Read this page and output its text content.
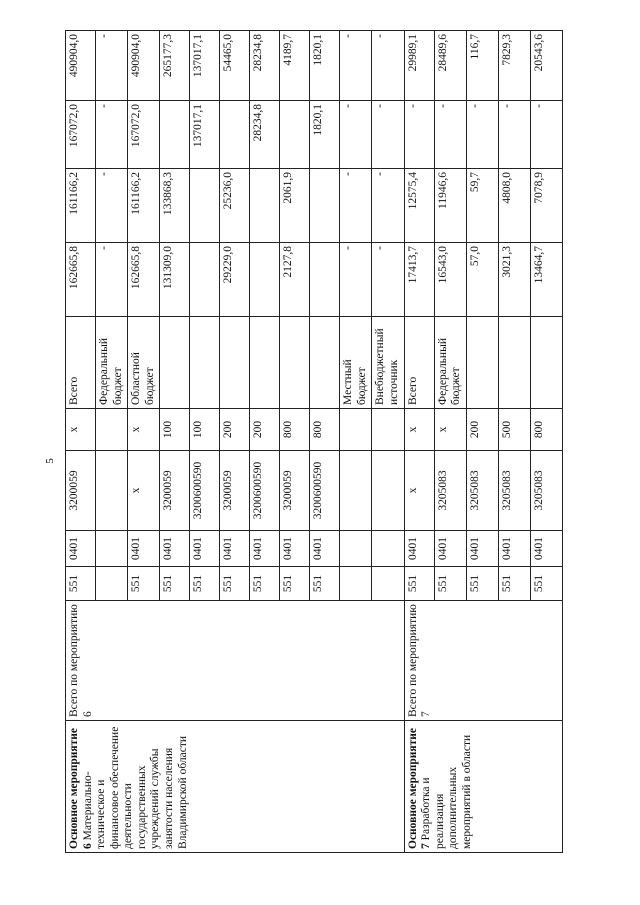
5
Основное мероприятие 6 Материально-техническое и финансовое обеспечение деятельности государственных учреждений службы занятости населения Владимирской области	Всего по мероприятию 6	551	0401	3200059	x	Всего	162665,8	161166,2	167072,0	490904,0		
						Федеральный бюджет	-	-	-	-		
		551	0401	x	x	Областной бюджет	162665,8	161166,2	167072,0	490904,0		
		551	0401	3200059	100		131309,0	133868,3		265177,3		
		551	0401	3200600590	100				137017,1	137017,1		
		551	0401	3200059	200		29229,0	25236,0		54465,0		
		551	0401	3200600590	200				28234,8	28234,8		
		551	0401	3200059	800		2127,8	2061,9		4189,7		
		551	0401	3200600590	800				1820,1	1820,1		
						Местный бюджет	-	-	-	-		
						Внебюджетный источник	-	-	-	-		
Основное мероприятие 7 Разработка и реализация дополнительных мероприятий в области	Всего по мероприятию 7	551	0401	x	x	Всего	17413,7	12575,4	-	29989,1		
		551	0401	3205083	x	Федеральный бюджет	16543,0	11946,6	-	28489,6		
		551	0401	3205083	200		57,0	59,7	-	116,7		
		551	0401	3205083	500		3021,3	4808,0	-	7829,3		
		551	0401	3205083	800		13464,7	7078,9	-	20543,6		
